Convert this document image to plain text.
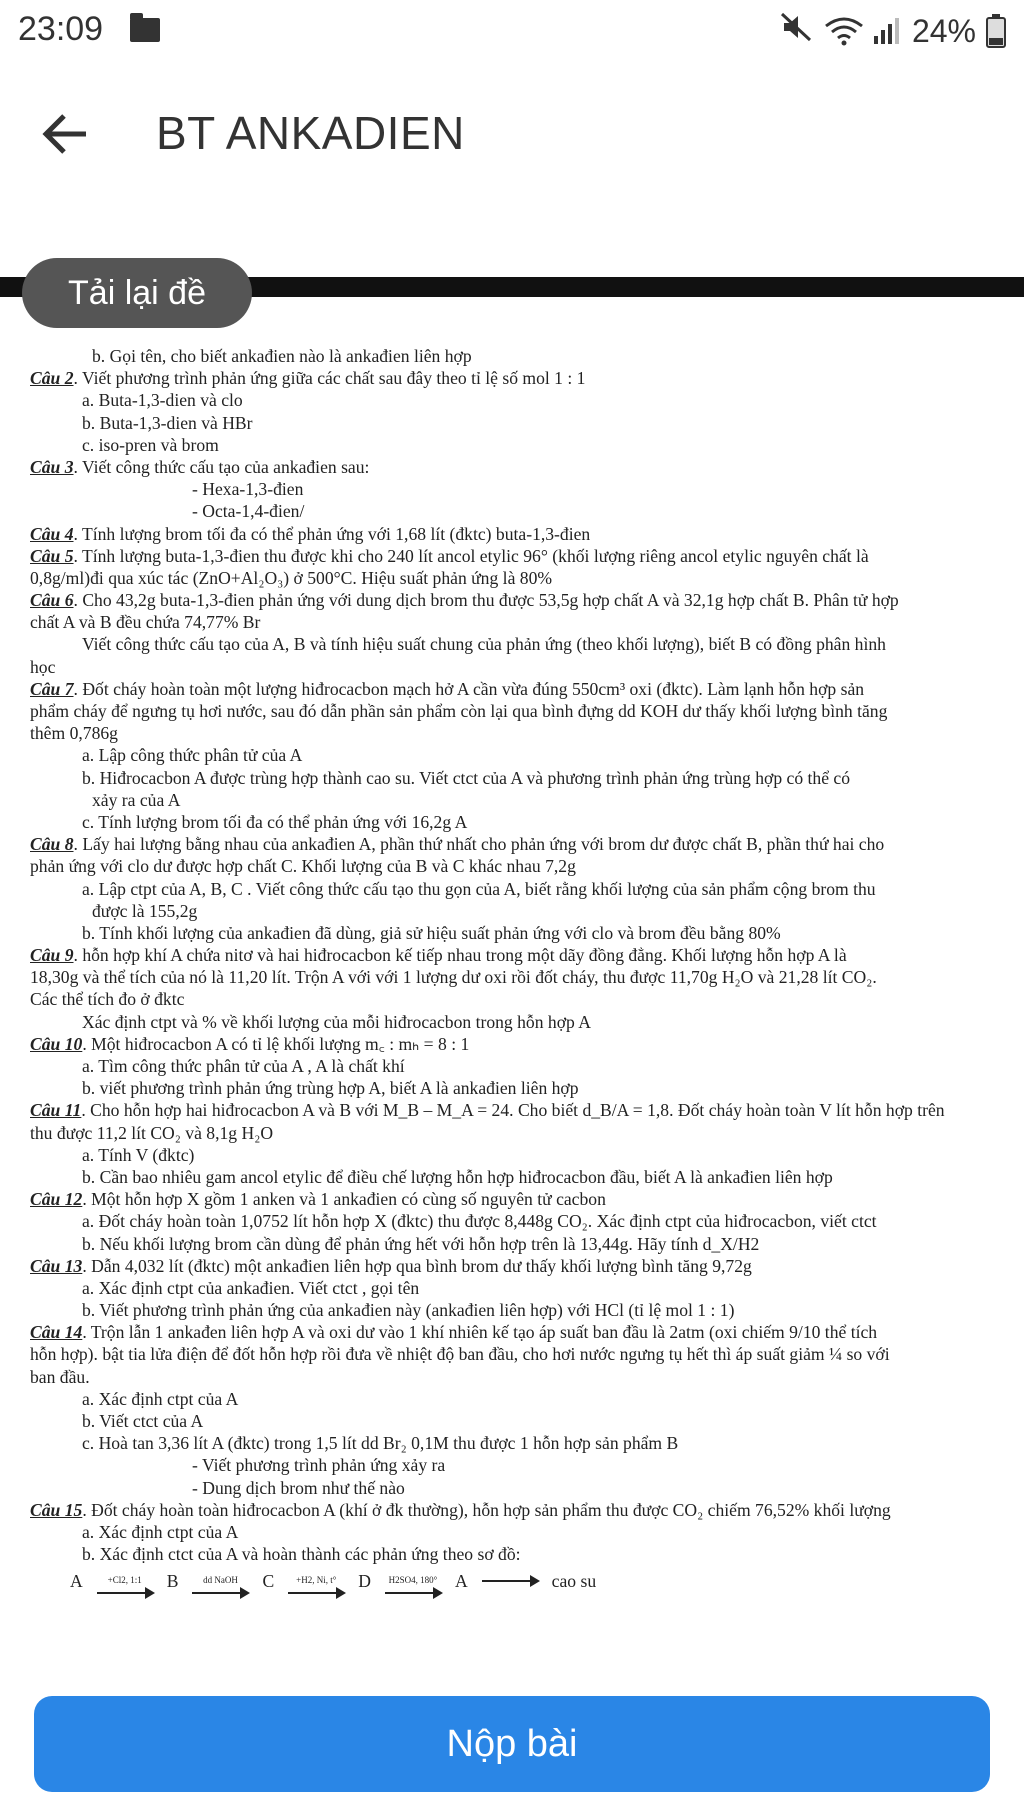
23:09	24%
BT ANKADIEN
Tải lại đề
b. Gọi tên, cho biết ankađien nào là ankađien liên hợp
Câu 2. Viết phương trình phản ứng giữa các chất sau đây theo tỉ lệ số mol 1 : 1
a. Buta-1,3-dien và clo
b. Buta-1,3-dien và HBr
c. iso-pren và brom
Câu 3. Viết công thức cấu tạo của ankađien sau:
- Hexa-1,3-đien
- Octa-1,4-đien/
Câu 4. Tính lượng brom tối đa có thể phản ứng với 1,68 lít (đktc) buta-1,3-đien
Câu 5. Tính lượng buta-1,3-đien thu được khi cho 240 lít ancol etylic 96° (khối lượng riêng ancol etylic nguyên chất là
0,8g/ml)đi qua xúc tác (ZnO+Al₂O₃) ở 500°C. Hiệu suất phản ứng là 80%
Câu 6. Cho 43,2g buta-1,3-đien phản ứng với dung dịch brom thu được 53,5g hợp chất A và 32,1g hợp chất B. Phân tử hợp
chất A và B đều chứa 74,77% Br
Viết công thức cấu tạo của A, B và tính hiệu suất chung của phản ứng (theo khối lượng), biết B có đồng phân hình
học
Câu 7. Đốt cháy hoàn toàn một lượng hiđrocacbon mạch hở A cần vừa đúng 550cm³ oxi (đktc). Làm lạnh hỗn hợp sản
phẩm cháy để ngưng tụ hơi nước, sau đó dẫn phần sản phẩm còn lại qua bình đựng dd KOH dư thấy khối lượng bình tăng
thêm 0,786g
a. Lập công thức phân tử của A
b. Hiđrocacbon A được trùng hợp thành cao su. Viết ctct của A và phương trình phản ứng trùng hợp có thể có
xảy ra của A
c. Tính lượng brom tối đa có thể phản ứng với 16,2g A
Câu 8. Lấy hai lượng bằng nhau của ankađien A, phần thứ nhất cho phản ứng với brom dư được chất B, phần thứ hai cho
phản ứng với clo dư được hợp chất C. Khối lượng của B và C khác nhau 7,2g
a. Lập ctpt của A, B, C . Viết công thức cấu tạo thu gọn của A, biết rằng khối lượng của sản phẩm cộng brom thu
được là 155,2g
b. Tính khối lượng của ankađien đã dùng, giả sử hiệu suất phản ứng với clo và brom đều bằng 80%
Câu 9. hỗn hợp khí A chứa nitơ và hai hiđrocacbon kế tiếp nhau trong một dãy đồng đẳng. Khối lượng hỗn hợp A là
18,30g và thể tích của nó là 11,20 lít. Trộn A với với 1 lượng dư oxi rồi đốt cháy, thu được 11,70g H₂O và 21,28 lít CO₂.
Các thể tích đo ở đktc
Xác định ctpt và % về khối lượng của mỗi hiđrocacbon trong hỗn hợp A
Câu 10. Một hiđrocacbon A có tỉ lệ khối lượng m꜀ : mₕ = 8 : 1
a. Tìm công thức phân tử của A , A là chất khí
b. viết phương trình phản ứng trùng hợp A, biết A là ankađien liên hợp
Câu 11. Cho hỗn hợp hai hiđrocacbon A và B với M_B – M_A = 24. Cho biết d_B/A = 1,8. Đốt cháy hoàn toàn V lít hỗn hợp trên
thu được 11,2 lít CO₂ và 8,1g H₂O
a. Tính V (đktc)
b. Cần bao nhiêu gam ancol etylic để điều chế lượng hỗn hợp hiđrocacbon đầu, biết A là ankađien liên hợp
Câu 12. Một hỗn hợp X gồm 1 anken và 1 ankađien có cùng số nguyên tử cacbon
a. Đốt cháy hoàn toàn 1,0752 lít hỗn hợp X (đktc) thu được 8,448g CO₂. Xác định ctpt của hiđrocacbon, viết ctct
b. Nếu khối lượng brom cần dùng để phản ứng hết với hỗn hợp trên là 13,44g. Hãy tính d_X/H2
Câu 13. Dẫn 4,032 lít (đktc) một ankađien liên hợp qua bình brom dư thấy khối lượng bình tăng 9,72g
a. Xác định ctpt của ankađien. Viết ctct , gọi tên
b. Viết phương trình phản ứng của ankađien này (ankađien liên hợp) với HCl (tỉ lệ mol 1 : 1)
Câu 14. Trộn lẫn 1 ankađen liên hợp A và oxi dư vào 1 khí nhiên kế tạo áp suất ban đầu là 2atm (oxi chiếm 9/10 thể tích
hỗn hợp). bật tia lửa điện để đốt hỗn hợp rồi đưa về nhiệt độ ban đầu, cho hơi nước ngưng tụ hết thì áp suất giảm ¼ so với
ban đầu.
a. Xác định ctpt của A
b. Viết ctct của A
c. Hoà tan 3,36 lít A (đktc) trong 1,5 lít dd Br₂ 0,1M thu được 1 hỗn hợp sản phẩm B
- Viết phương trình phản ứng xảy ra
- Dung dịch brom như thế nào
Câu 15. Đốt cháy hoàn toàn hiđrocacbon A (khí ở đk thường), hỗn hợp sản phẩm thu được CO₂ chiếm 76,52% khối lượng
a. Xác định ctpt của A
b. Xác định ctct của A và hoàn thành các phản ứng theo sơ đồ:
A	+Cl2, 1:1 B	dd NaOH C +H2, Ni, t° D H2SO4, 180° A	cao su
Nộp bài
